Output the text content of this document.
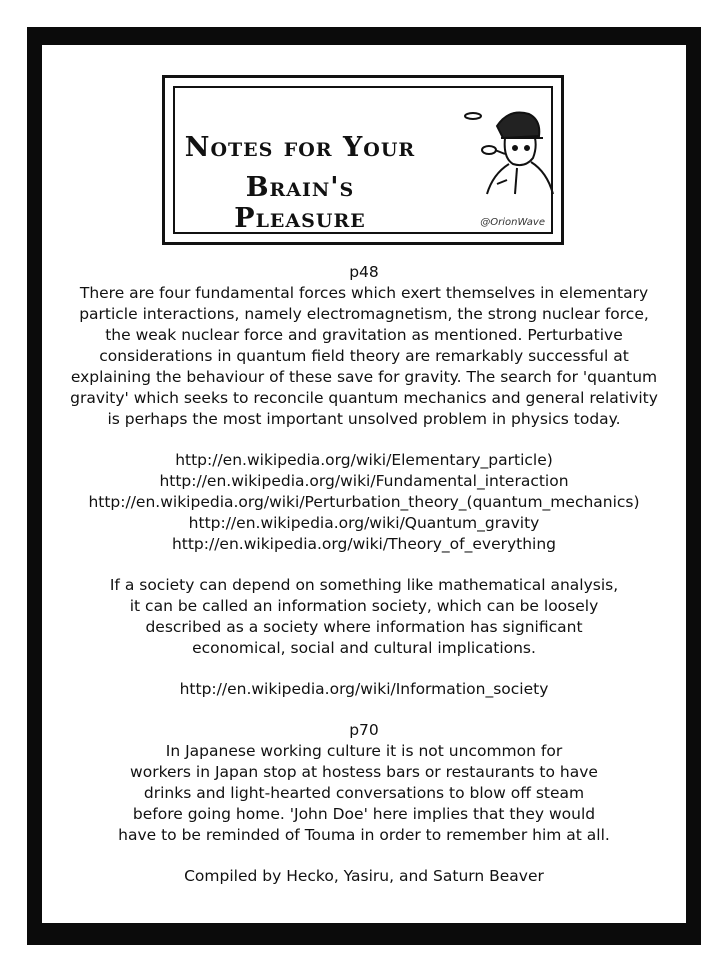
Notes for Your
Brain's Pleasure	@OrionWave

p48

There are four fundamental forces which exert themselves in elementary

particle interactions, namely electromagnetism, the strong nuclear force,

the weak nuclear force and gravitation as mentioned. Perturbative

considerations in quantum field theory are remarkably successful at

explaining the behaviour of these save for gravity. The search for 'quantum

gravity' which seeks to reconcile quantum mechanics and general relativity

is perhaps the most important unsolved problem in physics today.

http://en.wikipedia.org/wiki/Elementary_particle)

http://en.wikipedia.org/wiki/Fundamental_interaction

http://en.wikipedia.org/wiki/Perturbation_theory_(quantum_mechanics)

http://en.wikipedia.org/wiki/Quantum_gravity

http://en.wikipedia.org/wiki/Theory_of_everything

If a society can depend on something like mathematical analysis,

it can be called an information society, which can be loosely

described as a society where information has significant

economical, social and cultural implications.

http://en.wikipedia.org/wiki/Information_society

p70

In Japanese working culture it is not uncommon for

workers in Japan stop at hostess bars or restaurants to have

drinks and light-hearted conversations to blow off steam

before going home. 'John Doe' here implies that they would

have to be reminded of Touma in order to remember him at all.

Compiled by Hecko, Yasiru, and Saturn Beaver
